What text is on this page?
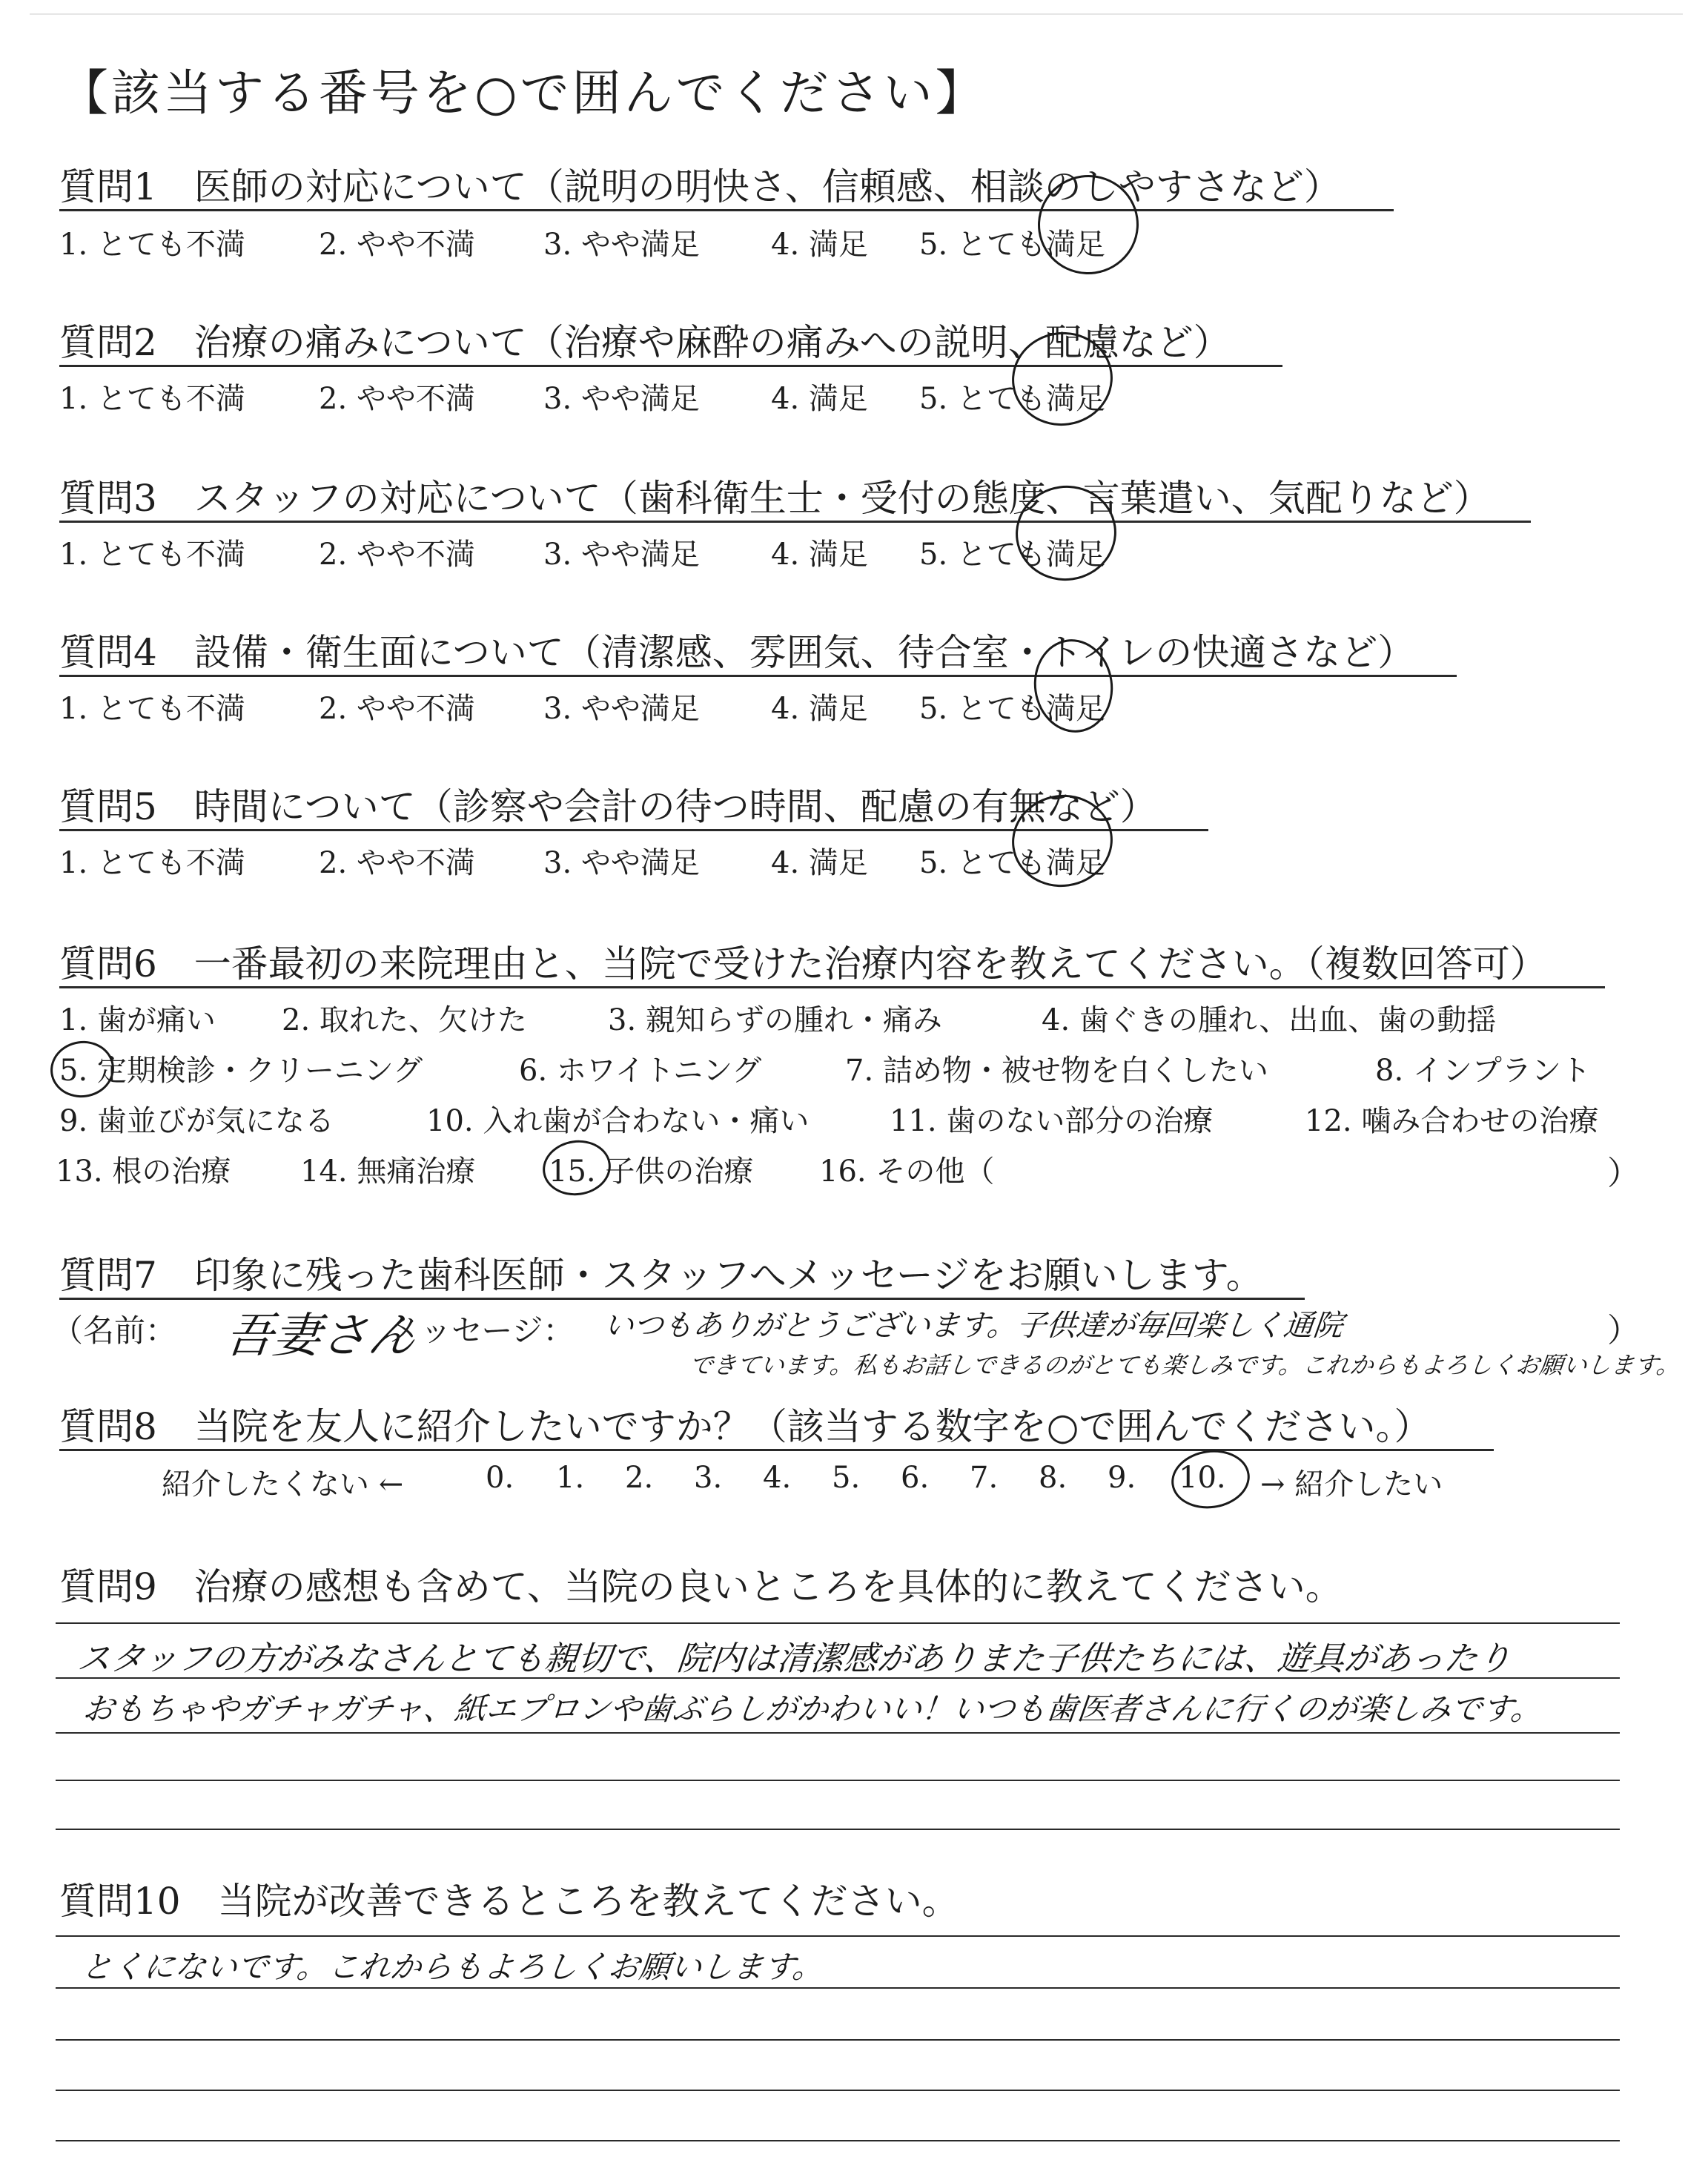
【該当する番号を○で囲んでください】
質問1　医師の対応について（説明の明快さ、信頼感、相談のしやすさなど）
1. とても不満 2. やや不満 3. やや満足 4. 満足 5. とても満足
質問2　治療の痛みについて（治療や麻酔の痛みへの説明、配慮など）
1. とても不満 2. やや不満 3. やや満足 4. 満足 5. とても満足
質問3　スタッフの対応について（歯科衛生士・受付の態度、言葉遣い、気配りなど）
1. とても不満 2. やや不満 3. やや満足 4. 満足 5. とても満足
質問4　設備・衛生面について（清潔感、雰囲気、待合室・トイレの快適さなど）
1. とても不満 2. やや不満 3. やや満足 4. 満足 5. とても満足
質問5　時間について（診察や会計の待つ時間、配慮の有無など）
1. とても不満 2. やや不満 3. やや満足 4. 満足 5. とても満足
質問6　一番最初の来院理由と、当院で受けた治療内容を教えてください。（複数回答可）
1. 歯が痛い 2. 取れた、欠けた	3. 親知らずの腫れ・痛み	4. 歯ぐきの腫れ、出血、歯の動揺
5. 定期検診・クリーニング	6. ホワイトニング	7. 詰め物・被せ物を白くしたい	8. インプラント
9. 歯並びが気になる	10. 入れ歯が合わない・痛い	11. 歯のない部分の治療	12. 噛み合わせの治療
13. 根の治療 14. 無痛治療 15. 子供の治療 16. その他（	）
質問7　印象に残った歯科医師・スタッフへメッセージをお願いします。
（名前： 吾妻さん
メッセージ： いつもありがとうございます。子供達が毎回楽しく通院
できています。私もお話しできるのがとても楽しみです。これからもよろしくお願いします。
）
質問8　当院を友人に紹介したいですか？（該当する数字を○で囲んでください。）
紹介したくない ←	0. 1. 2. 3. 4. 5. 6. 7. 8. 9. 10. → 紹介したい
質問9　治療の感想も含めて、当院の良いところを具体的に教えてください。
スタッフの方がみなさんとても親切で、院内は清潔感がありまた子供たちには、遊具があったり
おもちゃやガチャガチャ、紙エプロンや歯ぶらしがかわいい！いつも歯医者さんに行くのが楽しみです。
質問10　当院が改善できるところを教えてください。
とくにないです。これからもよろしくお願いします。
